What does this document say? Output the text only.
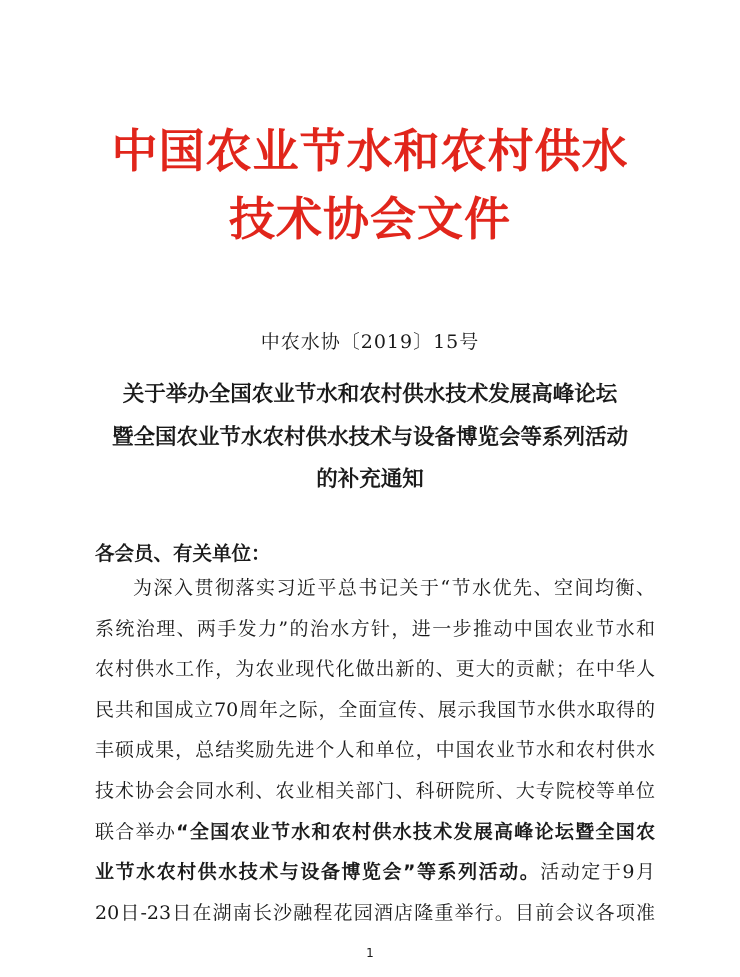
中国农业节水和农村供水
技术协会文件
中农水协〔2019〕15号
关于举办全国农业节水和农村供水技术发展高峰论坛
暨全国农业节水农村供水技术与设备博览会等系列活动
的补充通知
各会员、有关单位：
为深入贯彻落实习近平总书记关于“节水优先、空间均衡、
系统治理、两手发力”的治水方针，进一步推动中国农业节水和
农村供水工作，为农业现代化做出新的、更大的贡献；在中华人
民共和国成立70周年之际，全面宣传、展示我国节水供水取得的
丰硕成果，总结奖励先进个人和单位，中国农业节水和农村供水
技术协会会同水利、农业相关部门、科研院所、大专院校等单位
联合举办“全国农业节水和农村供水技术发展高峰论坛暨全国农
业节水农村供水技术与设备博览会”等系列活动。活动定于9月
20日-23日在湖南长沙融程花园酒店隆重举行。目前会议各项准
1
